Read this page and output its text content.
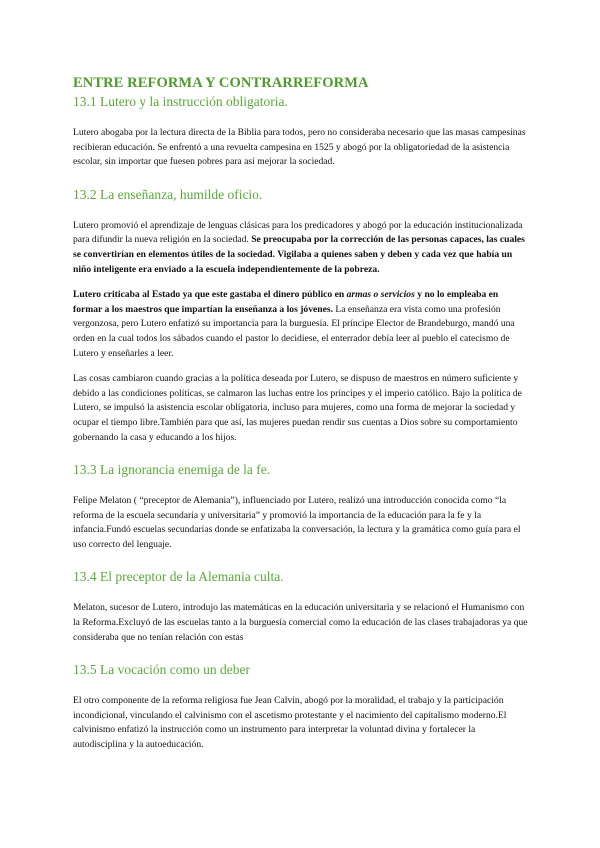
ENTRE REFORMA Y CONTRARREFORMA
13.1 Lutero y la instrucción obligatoria.

Lutero abogaba por la lectura directa de la Biblia para todos, pero no consideraba necesario que las masas campesinas recibieran educación. Se enfrentó a una revuelta campesina en 1525 y abogó por la obligatoriedad de la asistencia escolar, sin importar que fuesen pobres para así mejorar la sociedad.

13.2 La enseñanza, humilde oficio.

Lutero promovió el aprendizaje de lenguas clásicas para los predicadores y abogó por la educación institucionalizada para difundir la nueva religión en la sociedad. Se preocupaba por la corrección de las personas capaces, las cuales se convertirían en elementos útiles de la sociedad. Vigilaba a quienes saben y deben y cada vez que había un niño inteligente era enviado a la escuela independientemente de la pobreza.

Lutero criticaba al Estado ya que este gastaba el dinero público en armas o servicios y no lo empleaba en formar a los maestros que impartían la enseñanza a los jóvenes. La enseñanza era vista como una profesión vergonzosa, pero Lutero enfatizó su importancia para la burguesía. El príncipe Elector de Brandeburgo, mandó una orden en la cual todos los sábados cuando el pastor lo decidiese, el enterrador debía leer al pueblo el catecismo de Lutero y enseñarles a leer.

Las cosas cambiaron cuando gracias a la política deseada por Lutero, se dispuso de maestros en número suficiente y debido a las condiciones políticas, se calmaron las luchas entre los príncipes y el imperio católico. Bajo la política de Lutero, se impulsó la asistencia escolar obligatoria, incluso para mujeres, como una forma de mejorar la sociedad y ocupar el tiempo libre.También para que así, las mujeres puedan rendir sus cuentas a Dios sobre su comportamiento gobernando la casa y educando a los hijos.

13.3 La ignorancia enemiga de la fe.

Felipe Melaton ( “preceptor de Alemania”), influenciado por Lutero, realizó una introducción conocida como “la reforma de la escuela secundaria y universitaria” y promovió la importancia de la educación para la fe y la infancia.Fundó escuelas secundarias donde se enfatizaba la conversación, la lectura y la gramática como guía para el uso correcto del lenguaje.

13.4 El preceptor de la Alemania culta.

Melaton, sucesor de Lutero, introdujo las matemáticas en la educación universitaria y se relacionó el Humanismo con la Reforma.Excluyó de las escuelas tanto a la burguesía comercial como la educación de las clases trabajadoras ya que consideraba que no tenían relación con estas

13.5 La vocación como un deber

El otro componente de la reforma religiosa fue Jean Calvin, abogó por la moralidad, el trabajo y la participación incondicional, vinculando el calvinismo con el ascetismo protestante y el nacimiento del capitalismo moderno.El calvinismo enfatizó la instrucción como un instrumento para interpretar la voluntad divina y fortalecer la autodisciplina y la autoeducación.
